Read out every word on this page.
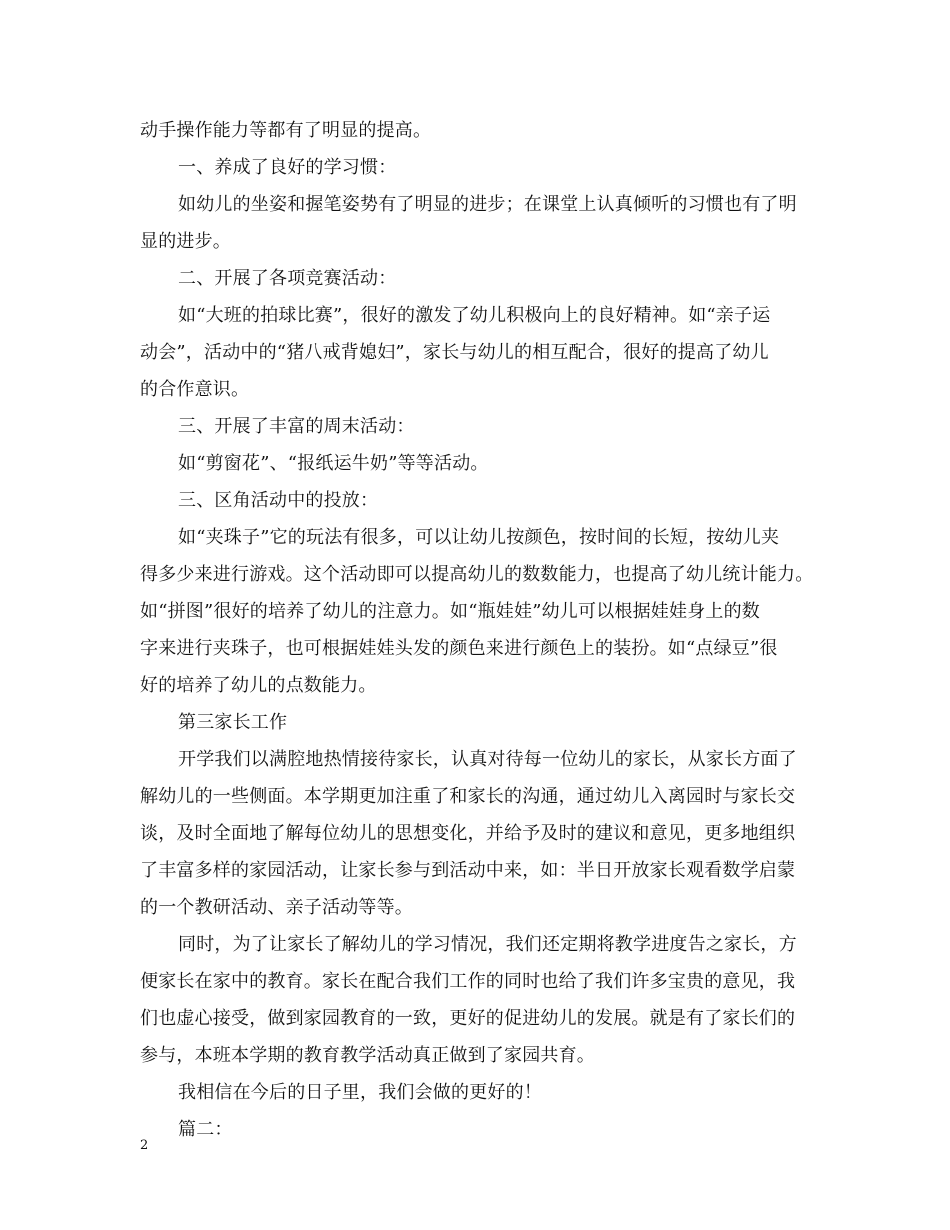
动手操作能力等都有了明显的提高。
一、养成了良好的学习惯：
如幼儿的坐姿和握笔姿势有了明显的进步；在课堂上认真倾听的习惯也有了明
显的进步。
二、开展了各项竞赛活动：
如“大班的拍球比赛”，很好的激发了幼儿积极向上的良好精神。如“亲子运
动会”，活动中的“猪八戒背媳妇”，家长与幼儿的相互配合，很好的提高了幼儿
的合作意识。
三、开展了丰富的周末活动：
如“剪窗花”、“报纸运牛奶”等等活动。
三、区角活动中的投放：
如“夹珠子”它的玩法有很多，可以让幼儿按颜色，按时间的长短，按幼儿夹
得多少来进行游戏。这个活动即可以提高幼儿的数数能力，也提高了幼儿统计能力。
如“拼图”很好的培养了幼儿的注意力。如“瓶娃娃”幼儿可以根据娃娃身上的数
字来进行夹珠子，也可根据娃娃头发的颜色来进行颜色上的装扮。如“点绿豆”很
好的培养了幼儿的点数能力。
第三家长工作
开学我们以满腔地热情接待家长，认真对待每一位幼儿的家长，从家长方面了
解幼儿的一些侧面。本学期更加注重了和家长的沟通，通过幼儿入离园时与家长交
谈，及时全面地了解每位幼儿的思想变化，并给予及时的建议和意见，更多地组织
了丰富多样的家园活动，让家长参与到活动中来，如：半日开放家长观看数学启蒙
的一个教研活动、亲子活动等等。
同时，为了让家长了解幼儿的学习情况，我们还定期将教学进度告之家长，方
便家长在家中的教育。家长在配合我们工作的同时也给了我们许多宝贵的意见，我
们也虚心接受，做到家园教育的一致，更好的促进幼儿的发展。就是有了家长们的
参与，本班本学期的教育教学活动真正做到了家园共育。
我相信在今后的日子里，我们会做的更好的！
篇二：
2
